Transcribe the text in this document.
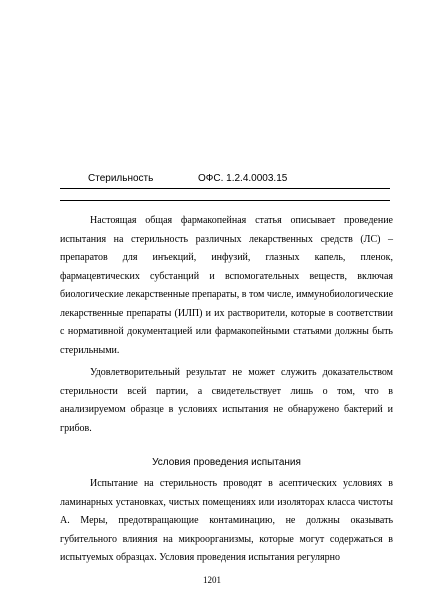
Стерильность	ОФС. 1.2.4.0003.15

Настоящая общая фармакопейная статья описывает проведение испытания на стерильность различных лекарственных средств (ЛС) – препаратов для инъекций, инфузий, глазных капель, пленок, фармацевтических субстанций и вспомогательных веществ, включая биологические лекарственные препараты, в том числе, иммунобиологические лекарственные препараты (ИЛП) и их растворители, которые в соответствии с нормативной документацией или фармакопейными статьями должны быть стерильными.

Удовлетворительный результат не может служить доказательством стерильности всей партии, а свидетельствует лишь о том, что в анализируемом образце в условиях испытания не обнаружено бактерий и грибов.

Условия проведения испытания

Испытание на стерильность проводят в асептических условиях в ламинарных установках, чистых помещениях или изоляторах класса чистоты А. Меры, предотвращающие контаминацию, не должны оказывать губительного влияния на микроорганизмы, которые могут содержаться в испытуемых образцах. Условия проведения испытания регулярно

1201
